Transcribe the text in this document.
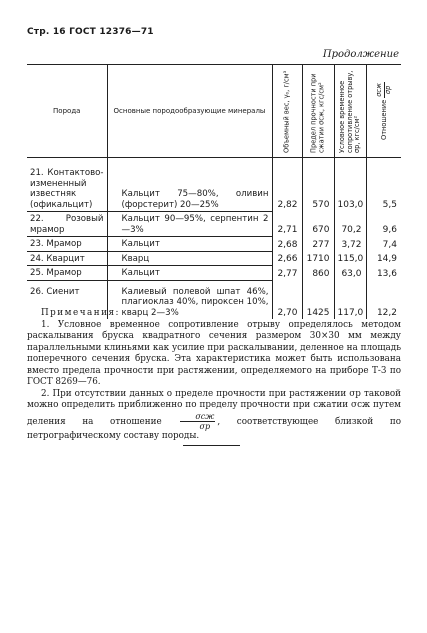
Стр. 16 ГОСТ 12376—71
Продолжение
Порода	Основные породообразующие минералы	Объемный вес, γ₀, г/см³	Предел прочности при сжатии σсж, кгс/см²	Условное временное сопротивление отрыву, σр, кгс/см²	Отношение
σсж σр

21. Контактово-измененный известняк (офикальцит)	Кальцит 75—80%, оливин (форстерит) 20—25%	2,82	570	103,0	5,5
22. Розовый мрамор	Кальцит 90—95%, серпентин 2—3%	2,71	670	70,2	9,6
23. Мрамор	Кальцит	2,68	277	3,72	7,4
24. Кварцит	Кварц	2,66	1710	115,0	14,9
25. Мрамор	Кальцит	2,77	860	63,0	13,6
26. Сиенит	Калиевый полевой шпат 46%, плагиоклаз 40%, пироксен 10%, кварц 2—3%	2,70	1425	117,0	12,2

Примечания:

1. Условное временное сопротивление отрыву определялось методом раскалывания бруска квадратного сечения размером 30×30 мм между параллельными клиньями как усилие при раскалывании, деленное на площадь поперечного сечения бруска. Эта характеристика может быть использована вместо предела прочности при растяжении, определяемого на приборе Т-3 по ГОСТ 8269—76.

2. При отсутствии данных о пределе прочности при растяжении σр таковой можно определить приближенно по пределу прочности при сжатии σсж путем деления на отношение $\frac{\text{σсж}}{\sigma р}$ , соответствующее близкой по петрографическому составу породы.
